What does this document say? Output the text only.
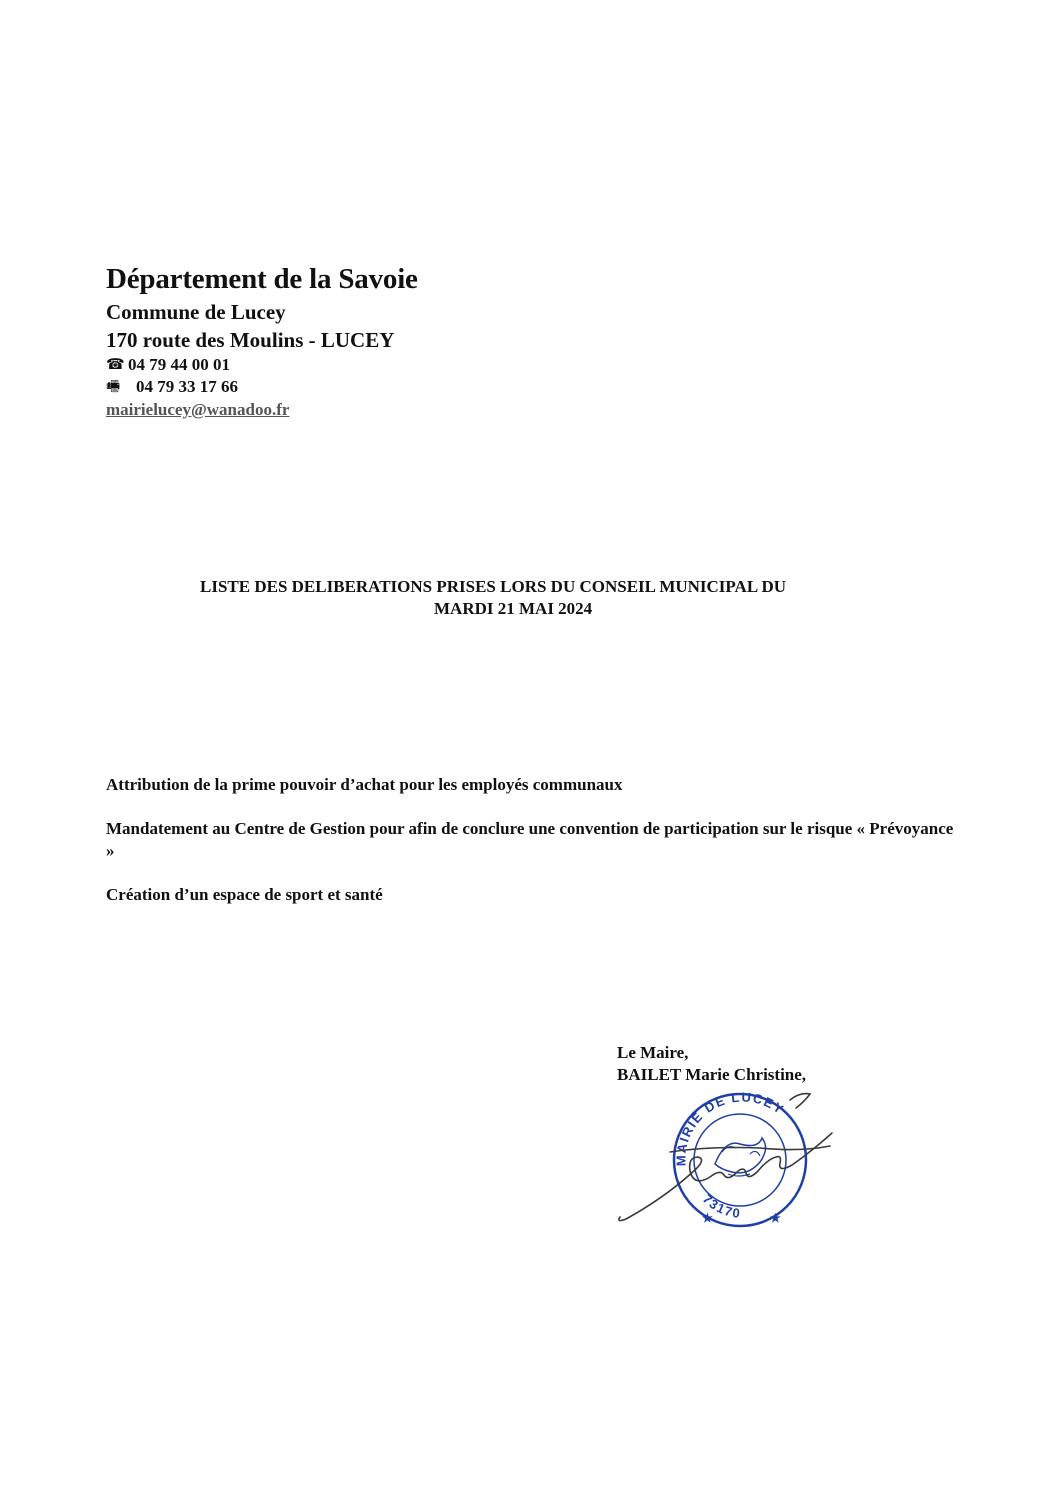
Département de la Savoie

Commune de Lucey

170 route des Moulins - LUCEY

☎ 04 79 44 00 01

🖷 04 79 33 17 66

mairielucey@wanadoo.fr

LISTE DES DELIBERATIONS PRISES LORS DU CONSEIL MUNICIPAL DU
MARDI 21 MAI 2024
Attribution de la prime pouvoir d’achat pour les employés communaux
Mandatement au Centre de Gestion pour afin de conclure une convention de participation sur le risque « Prévoyance »
Création d’un espace de sport et santé

Le Maire,

BAILET Marie Christine,

MAIRIE DE LUCEY
73170
★	★
